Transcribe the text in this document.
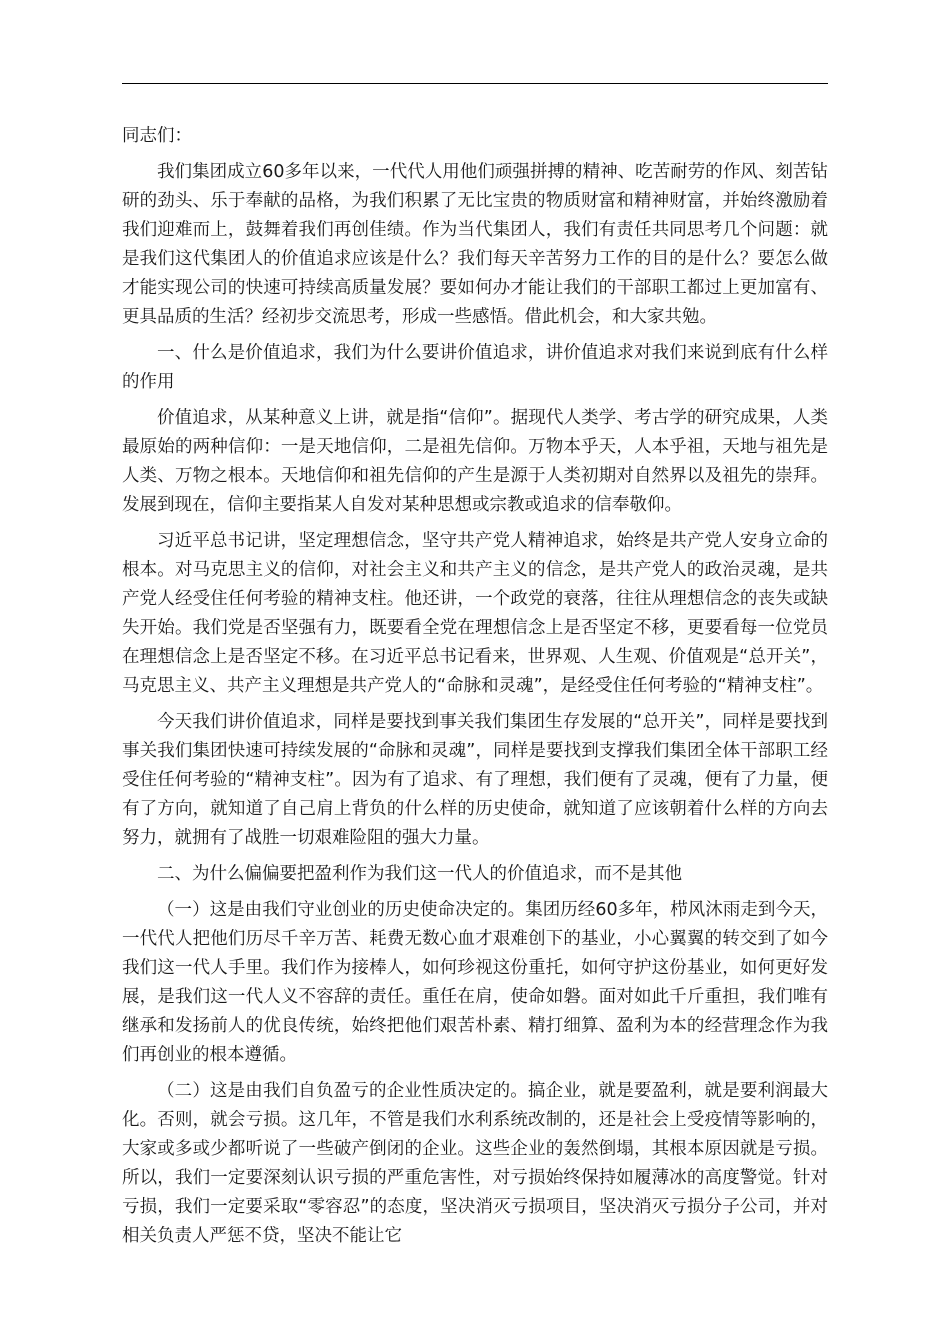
同志们：

我们集团成立60多年以来，一代代人用他们顽强拼搏的精神、吃苦耐劳的作风、刻苦钻研的劲头、乐于奉献的品格，为我们积累了无比宝贵的物质财富和精神财富，并始终激励着我们迎难而上，鼓舞着我们再创佳绩。作为当代集团人，我们有责任共同思考几个问题：就是我们这代集团人的价值追求应该是什么？我们每天辛苦努力工作的目的是什么？要怎么做才能实现公司的快速可持续高质量发展？要如何办才能让我们的干部职工都过上更加富有、更具品质的生活？经初步交流思考，形成一些感悟。借此机会，和大家共勉。

一、什么是价值追求，我们为什么要讲价值追求，讲价值追求对我们来说到底有什么样的作用

价值追求，从某种意义上讲，就是指“信仰”。据现代人类学、考古学的研究成果，人类最原始的两种信仰：一是天地信仰，二是祖先信仰。万物本乎天，人本乎祖，天地与祖先是人类、万物之根本。天地信仰和祖先信仰的产生是源于人类初期对自然界以及祖先的崇拜。发展到现在，信仰主要指某人自发对某种思想或宗教或追求的信奉敬仰。

习近平总书记讲，坚定理想信念，坚守共产党人精神追求，始终是共产党人安身立命的根本。对马克思主义的信仰，对社会主义和共产主义的信念，是共产党人的政治灵魂，是共产党人经受住任何考验的精神支柱。他还讲，一个政党的衰落，往往从理想信念的丧失或缺失开始。我们党是否坚强有力，既要看全党在理想信念上是否坚定不移，更要看每一位党员在理想信念上是否坚定不移。在习近平总书记看来，世界观、人生观、价值观是“总开关”，马克思主义、共产主义理想是共产党人的“命脉和灵魂”，是经受住任何考验的“精神支柱”。

今天我们讲价值追求，同样是要找到事关我们集团生存发展的“总开关”，同样是要找到事关我们集团快速可持续发展的“命脉和灵魂”，同样是要找到支撑我们集团全体干部职工经受住任何考验的“精神支柱”。因为有了追求、有了理想，我们便有了灵魂，便有了力量，便有了方向，就知道了自己肩上背负的什么样的历史使命，就知道了应该朝着什么样的方向去努力，就拥有了战胜一切艰难险阻的强大力量。

二、为什么偏偏要把盈利作为我们这一代人的价值追求，而不是其他

（一）这是由我们守业创业的历史使命决定的。集团历经60多年，栉风沐雨走到今天，一代代人把他们历尽千辛万苦、耗费无数心血才艰难创下的基业，小心翼翼的转交到了如今我们这一代人手里。我们作为接棒人，如何珍视这份重托，如何守护这份基业，如何更好发展，是我们这一代人义不容辞的责任。重任在肩，使命如磐。面对如此千斤重担，我们唯有继承和发扬前人的优良传统，始终把他们艰苦朴素、精打细算、盈利为本的经营理念作为我们再创业的根本遵循。

（二）这是由我们自负盈亏的企业性质决定的。搞企业，就是要盈利，就是要利润最大化。否则，就会亏损。这几年，不管是我们水利系统改制的，还是社会上受疫情等影响的，大家或多或少都听说了一些破产倒闭的企业。这些企业的轰然倒塌，其根本原因就是亏损。所以，我们一定要深刻认识亏损的严重危害性，对亏损始终保持如履薄冰的高度警觉。针对亏损，我们一定要采取“零容忍”的态度，坚决消灭亏损项目，坚决消灭亏损分子公司，并对相关负责人严惩不贷，坚决不能让它
